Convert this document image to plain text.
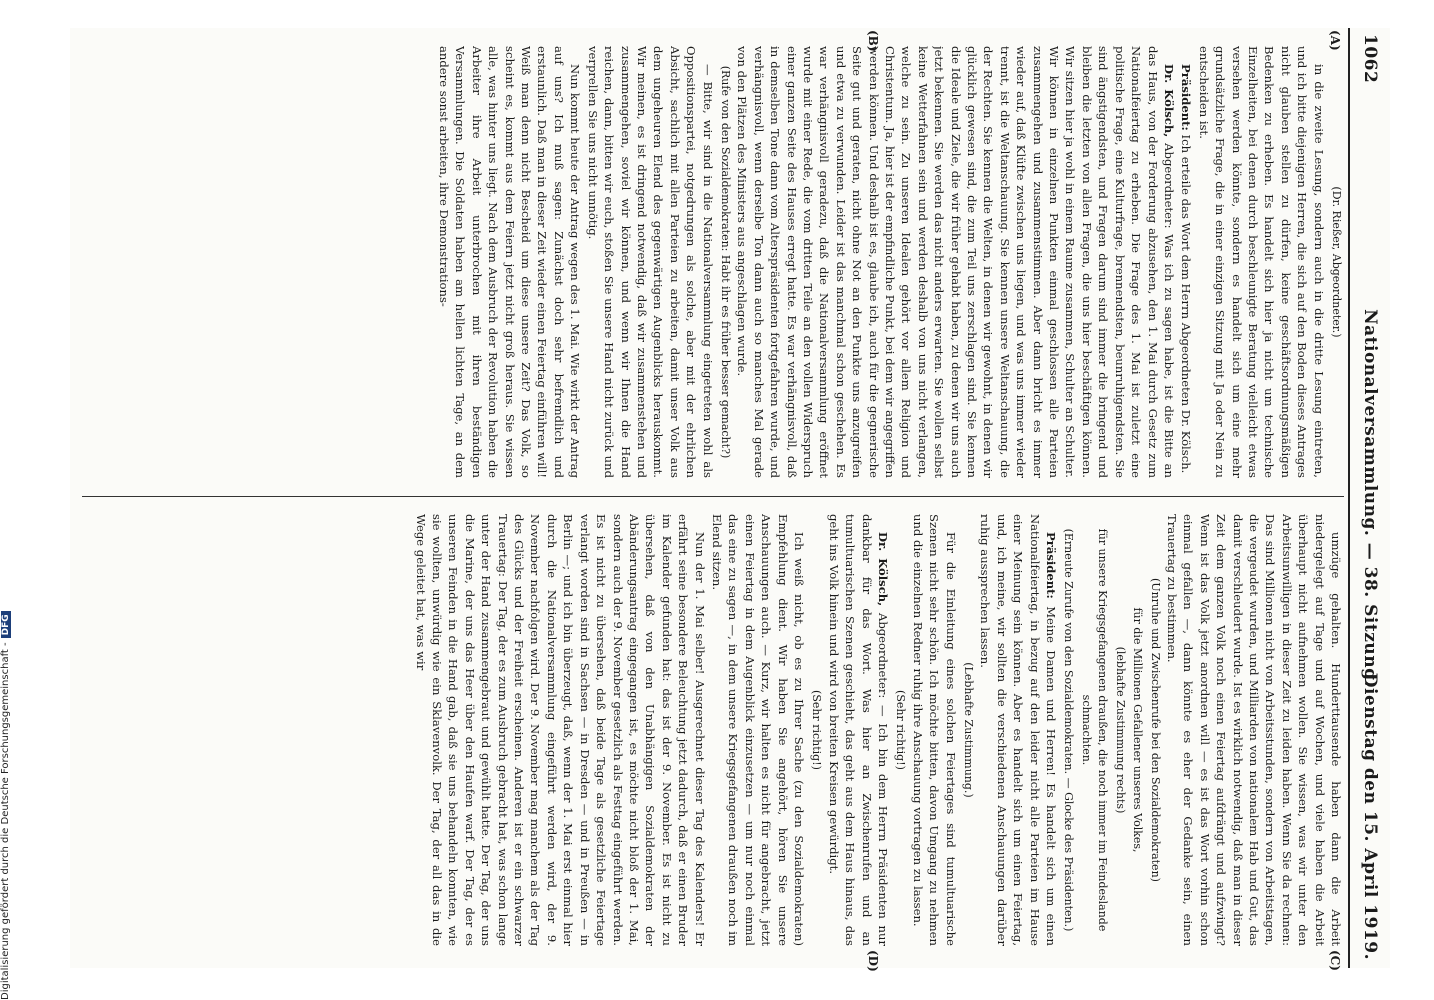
1062
Nationalversammlung. — 38. Sitzung.
Dienstag den 15. April 1919.
(A)
(B)
(C)
(D)

(Dr. Rießer, Abgeordneter.)

in die zweite Lesung, sondern auch in die dritte Lesung eintreten, und ich bitte diejenigen Herren, die sich auf den Boden dieses Antrages nicht glauben stellen zu dürfen, keine geschäftsordnungsmäßigen Bedenken zu erheben. Es handelt sich hier ja nicht um technische Einzelheiten, bei denen durch beschleunigte Beratung vielleicht etwas versehen werden könnte, sondern es handelt sich um eine mehr grundsätzliche Frage, die in einer einzigen Sitzung mit Ja oder Nein zu entscheiden ist.

Präsident: Ich erteile das Wort dem Herrn Abgeordneten Dr. Kölsch.

Dr. Kölsch, Abgeordneter: Was ich zu sagen habe, ist die Bitte an das Haus, von der Forderung abzusehen, den 1. Mai durch Gesetz zum Nationalfeiertag zu erheben. Die Frage des 1. Mai ist zuletzt eine politische Frage, eine Kulturfrage, brennendsten, beunruhigendsten. Sie sind ängstigendsten, und Fragen darum sind immer die bringend und bleiben die letzten von allen Fragen, die uns hier beschäftigen können. Wir sitzen hier ja wohl in einem Raume zusammen, Schulter an Schulter. Wir können in einzelnen Punkten einmal geschlossen alle Parteien zusammengehen und zusammenstimmen. Aber dann bricht es immer wieder auf, daß Klüfte zwischen uns liegen, und was uns immer wieder trennt, ist die Weltanschauung. Sie kennen unsere Weltanschauung, die der Rechten. Sie kennen die Welten, in denen wir gewohnt, in denen wir glücklich gewesen sind, die zum Teil uns zerschlagen sind. Sie kennen die Ideale und Ziele, die wir früher gehabt haben, zu denen wir uns auch jetzt bekennen. Sie werden das nicht anders erwarten. Sie wollen selbst keine Wetterfahnen sein und werden deshalb von uns nicht verlangen, welche zu sein. Zu unseren Idealen gehört vor allem Religion und Christentum. Ja, hier ist der empfindliche Punkt, bei dem wir angegriffen werden können. Und deshalb ist es, glaube ich, auch für die gegnerische Seite gut und geraten, nicht ohne Not an den Punkte uns anzugreifen und etwa zu verwunden. Leider ist das manchmal schon geschehen. Es war verhängnisvoll geradezu, daß die Nationalversammlung eröffnet wurde mit einer Rede, die vom dritten Teile an den vollen Widerspruch einer ganzen Seite des Hauses erregt hatte. Es war verhängnisvoll, daß in demselben Tone dann vom Alterspräsidenten fortgefahren wurde, und verhängnisvoll, wenn derselbe Ton dann auch so manches Mal gerade von den Plätzen des Ministers aus angeschlagen wurde.

(Rufe von den Sozialdemokraten: Habt ihr es früher besser gemacht?)

— Bitte, wir sind in die Nationalversammlung eingetreten wohl als Oppositionspartei, notgedrungen als solche, aber mit der ehrlichen Absicht, sachlich mit allen Parteien zu arbeiten, damit unser Volk aus dem ungeheuren Elend des gegenwärtigen Augenblicks herauskommt. Wir meinen, es ist dringend notwendig, daß wir zusammenstehen und zusammengehen, soviel wir können, und wenn wir Ihnen die Hand reichen, dann, bitten wir euch, stoßen Sie unsere Hand nicht zurück und verprellen Sie uns nicht unnötig.

Nun kommt heute der Antrag wegen des 1. Mai. Wie wirkt der Antrag auf uns? Ich muß sagen: Zunächst doch sehr befremdlich und erstaunlich. Daß man in dieser Zeit wieder einen Feiertag einführen will! Weiß man denn nicht Bescheid um diese unsere Zeit? Das Volk, so scheint es, kommt aus dem Feiern jetzt nicht groß heraus. Sie wissen alle, was hinter uns liegt. Nach dem Ausbruch der Revolution haben die Arbeiter ihre Arbeit unterbrochen mit ihren beständigen Versammlungen. Die Soldaten haben am hellen lichten Tage, an dem andere sonst arbeiten, ihre Demonstrations-

umzüge gehalten. Hunderttausende haben dann die Arbeit niedergelegt auf Tage und auf Wochen, und viele haben die Arbeit überhaupt nicht aufnehmen wollen. Sie wissen, was wir unter den Arbeitsunwilligen in dieser Zeit zu leiden haben. Wenn Sie da rechnen: Das sind Millionen nicht von Arbeitsstunden, sondern von Arbeitstagen, die vergeudet wurden, und Milliarden von nationalem Hab und Gut, das damit verschleudert wurde. Ist es wirklich notwendig, daß man in dieser Zeit dem ganzen Volk noch einen Feiertag aufdrängt und aufzwingt? Wenn ist das Volk jetzt anordnen will — es ist das Wort vorhin schon einmal gefallen —, dann könnte es eher der Gedanke sein, einen Trauertag zu bestimmen.

(Unruhe und Zwischenrufe bei den Sozialdemokraten)

für die Millionen Gefallener unseres Volkes,

(lebhafte Zustimmung rechts)

für unsere Kriegsgefangenen draußen, die noch immer im Feindeslande schmachten.

(Erneute Zurufe von den Sozialdemokraten. — Glocke des Präsidenten.)

Präsident: Meine Damen und Herren! Es handelt sich um einen Nationalfeiertag, in bezug auf den leider nicht alle Parteien im Hause einer Meinung sein können. Aber es handelt sich um einen Feiertag, und, ich meine, wir sollten die verschiedenen Anschauungen darüber ruhig aussprechen lassen.

(Lebhafte Zustimmung.)

Für die Einleitung eines solchen Feiertages sind tumultuarische Szenen nicht sehr schön. Ich möchte bitten, davon Umgang zu nehmen und die einzelnen Redner ruhig ihre Anschauung vortragen zu lassen.

(Sehr richtig!)

Dr. Kölsch, Abgeordneter: — Ich bin dem Herrn Präsidenten nur dankbar für das Wort. Was hier an Zwischenrufen und an tumultuarischen Szenen geschieht, das geht aus dem Haus hinaus, das geht ins Volk hinein und wird von breiten Kreisen gewürdigt.

(Sehr richtig!)

Ich weiß nicht, ob es zu Ihrer Sache (zu den Sozialdemokraten) Empfehlung dient. Wir haben Sie angehört, hören Sie unsere Anschauungen auch. — Kurz, wir halten es nicht für angebracht, jetzt einen Feiertag in dem Augenblick einzusetzen — um nur noch einmal das eine zu sagen —, in dem unsere Kriegsgefangenen draußen noch im Elend sitzen.

Nun der 1. Mai selber! Ausgerechnet dieser Tag des Kalenders! Er erfährt seine besondere Beleuchtung jetzt dadurch, daß er einen Bruder im Kalender gefunden hat: das ist der 9. November. Es ist nicht zu übersehen, daß von den Unabhängigen Sozialdemokraten der Abänderungsantrag eingegangen ist, es möchte nicht bloß der 1. Mai, sondern auch der 9. November gesetzlich als Festtag eingeführt werden. Es ist nicht zu übersehen, daß beide Tage als gesetzliche Feiertage verlangt worden sind in Sachsen — in Dresden — und in Preußen — in Berlin —; und ich bin überzeugt, daß, wenn der 1. Mai erst einmal hier durch die Nationalversammlung eingeführt werden wird, der 9. November nachfolgen wird. Der 9. November mag manchem als der Tag des Glücks und der Freiheit erscheinen. Anderen ist er ein schwarzer Trauertag: Der Tag, der es zum Ausbruch gebracht hat, was schon lange unter der Hand zusammengebraut und gewühlt hatte. Der Tag, der uns die Marine, der uns das Heer über den Haufen warf. Der Tag, der es unseren Feinden in die Hand gab, daß sie uns behandeln konnten, wie sie wollten, unwürdig wie ein Sklavenvolk. Der Tag, der all das in die Wege geleitet hat, was wir

Digitalisierung gefördert durch die Deutsche Forschungsgemeinschaft -DFG
